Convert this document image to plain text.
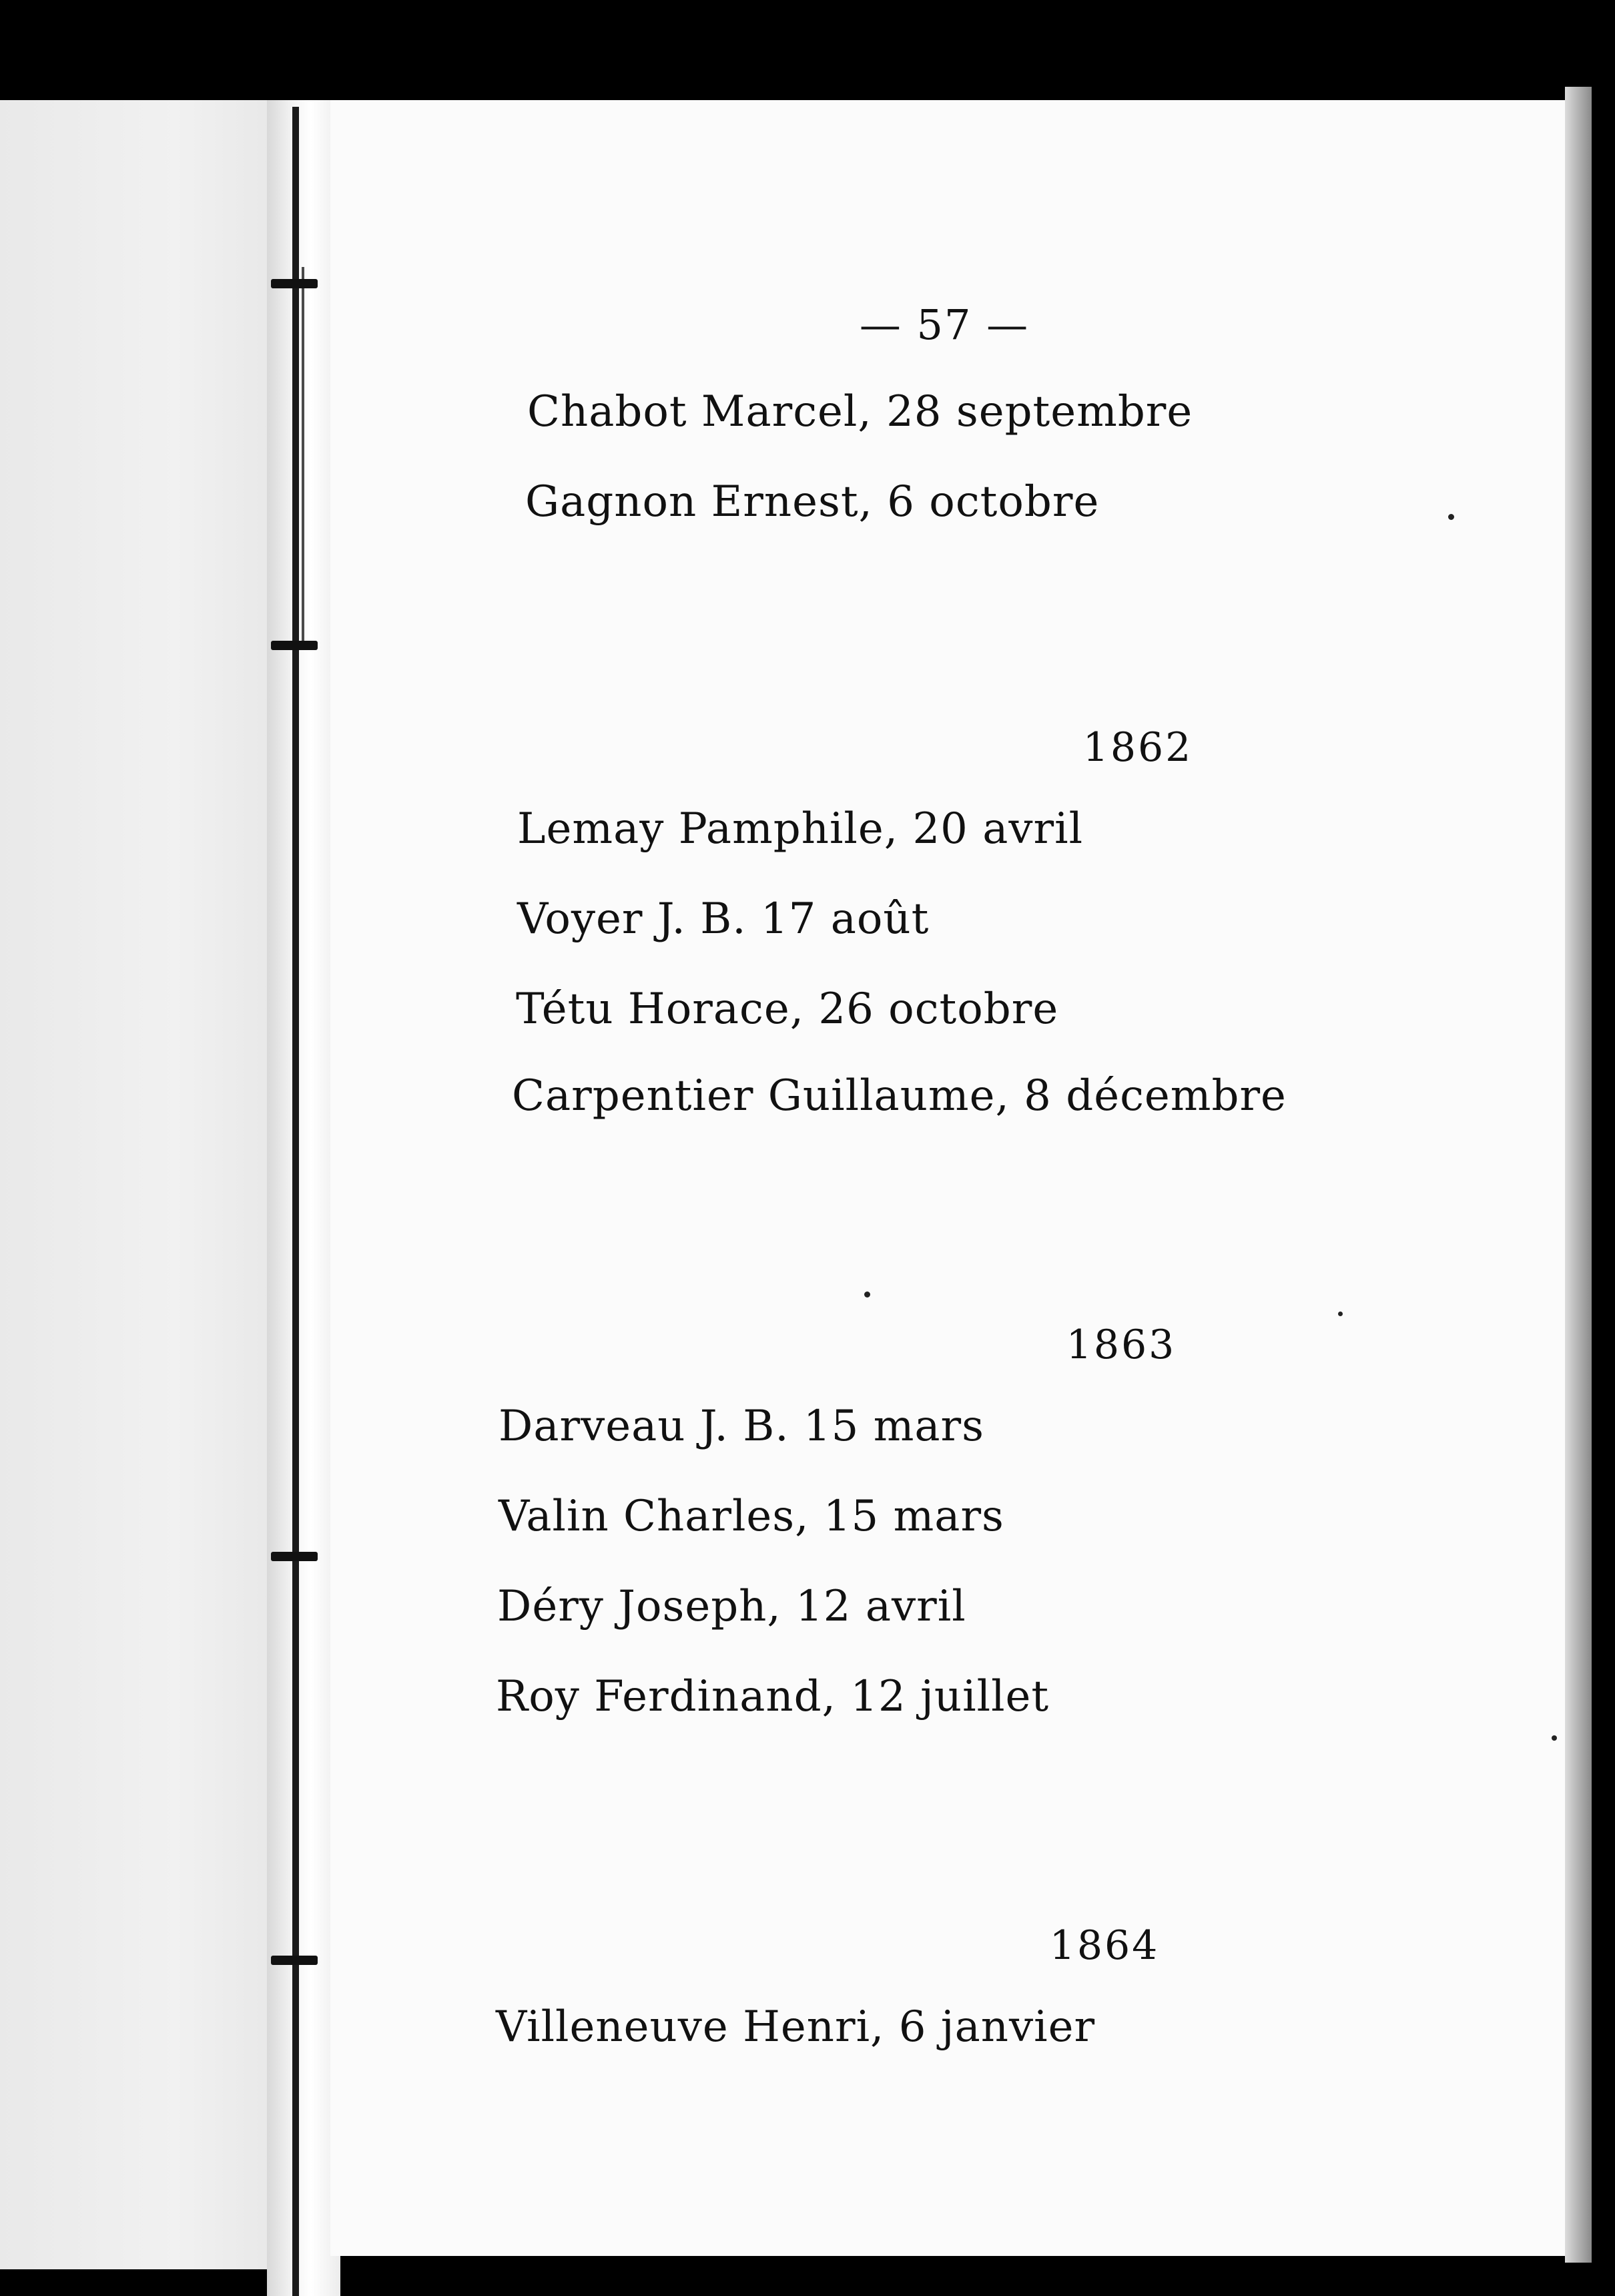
— 57 —
Chabot Marcel, 28 septembre
Gagnon Ernest, 6 octobre
1862
Lemay Pamphile, 20 avril
Voyer J. B. 17 août
Tétu Horace, 26 octobre
Carpentier Guillaume, 8 décembre
1863
Darveau J. B. 15 mars
Valin Charles, 15 mars
Déry Joseph, 12 avril
Roy Ferdinand, 12 juillet
1864
Villeneuve Henri, 6 janvier
